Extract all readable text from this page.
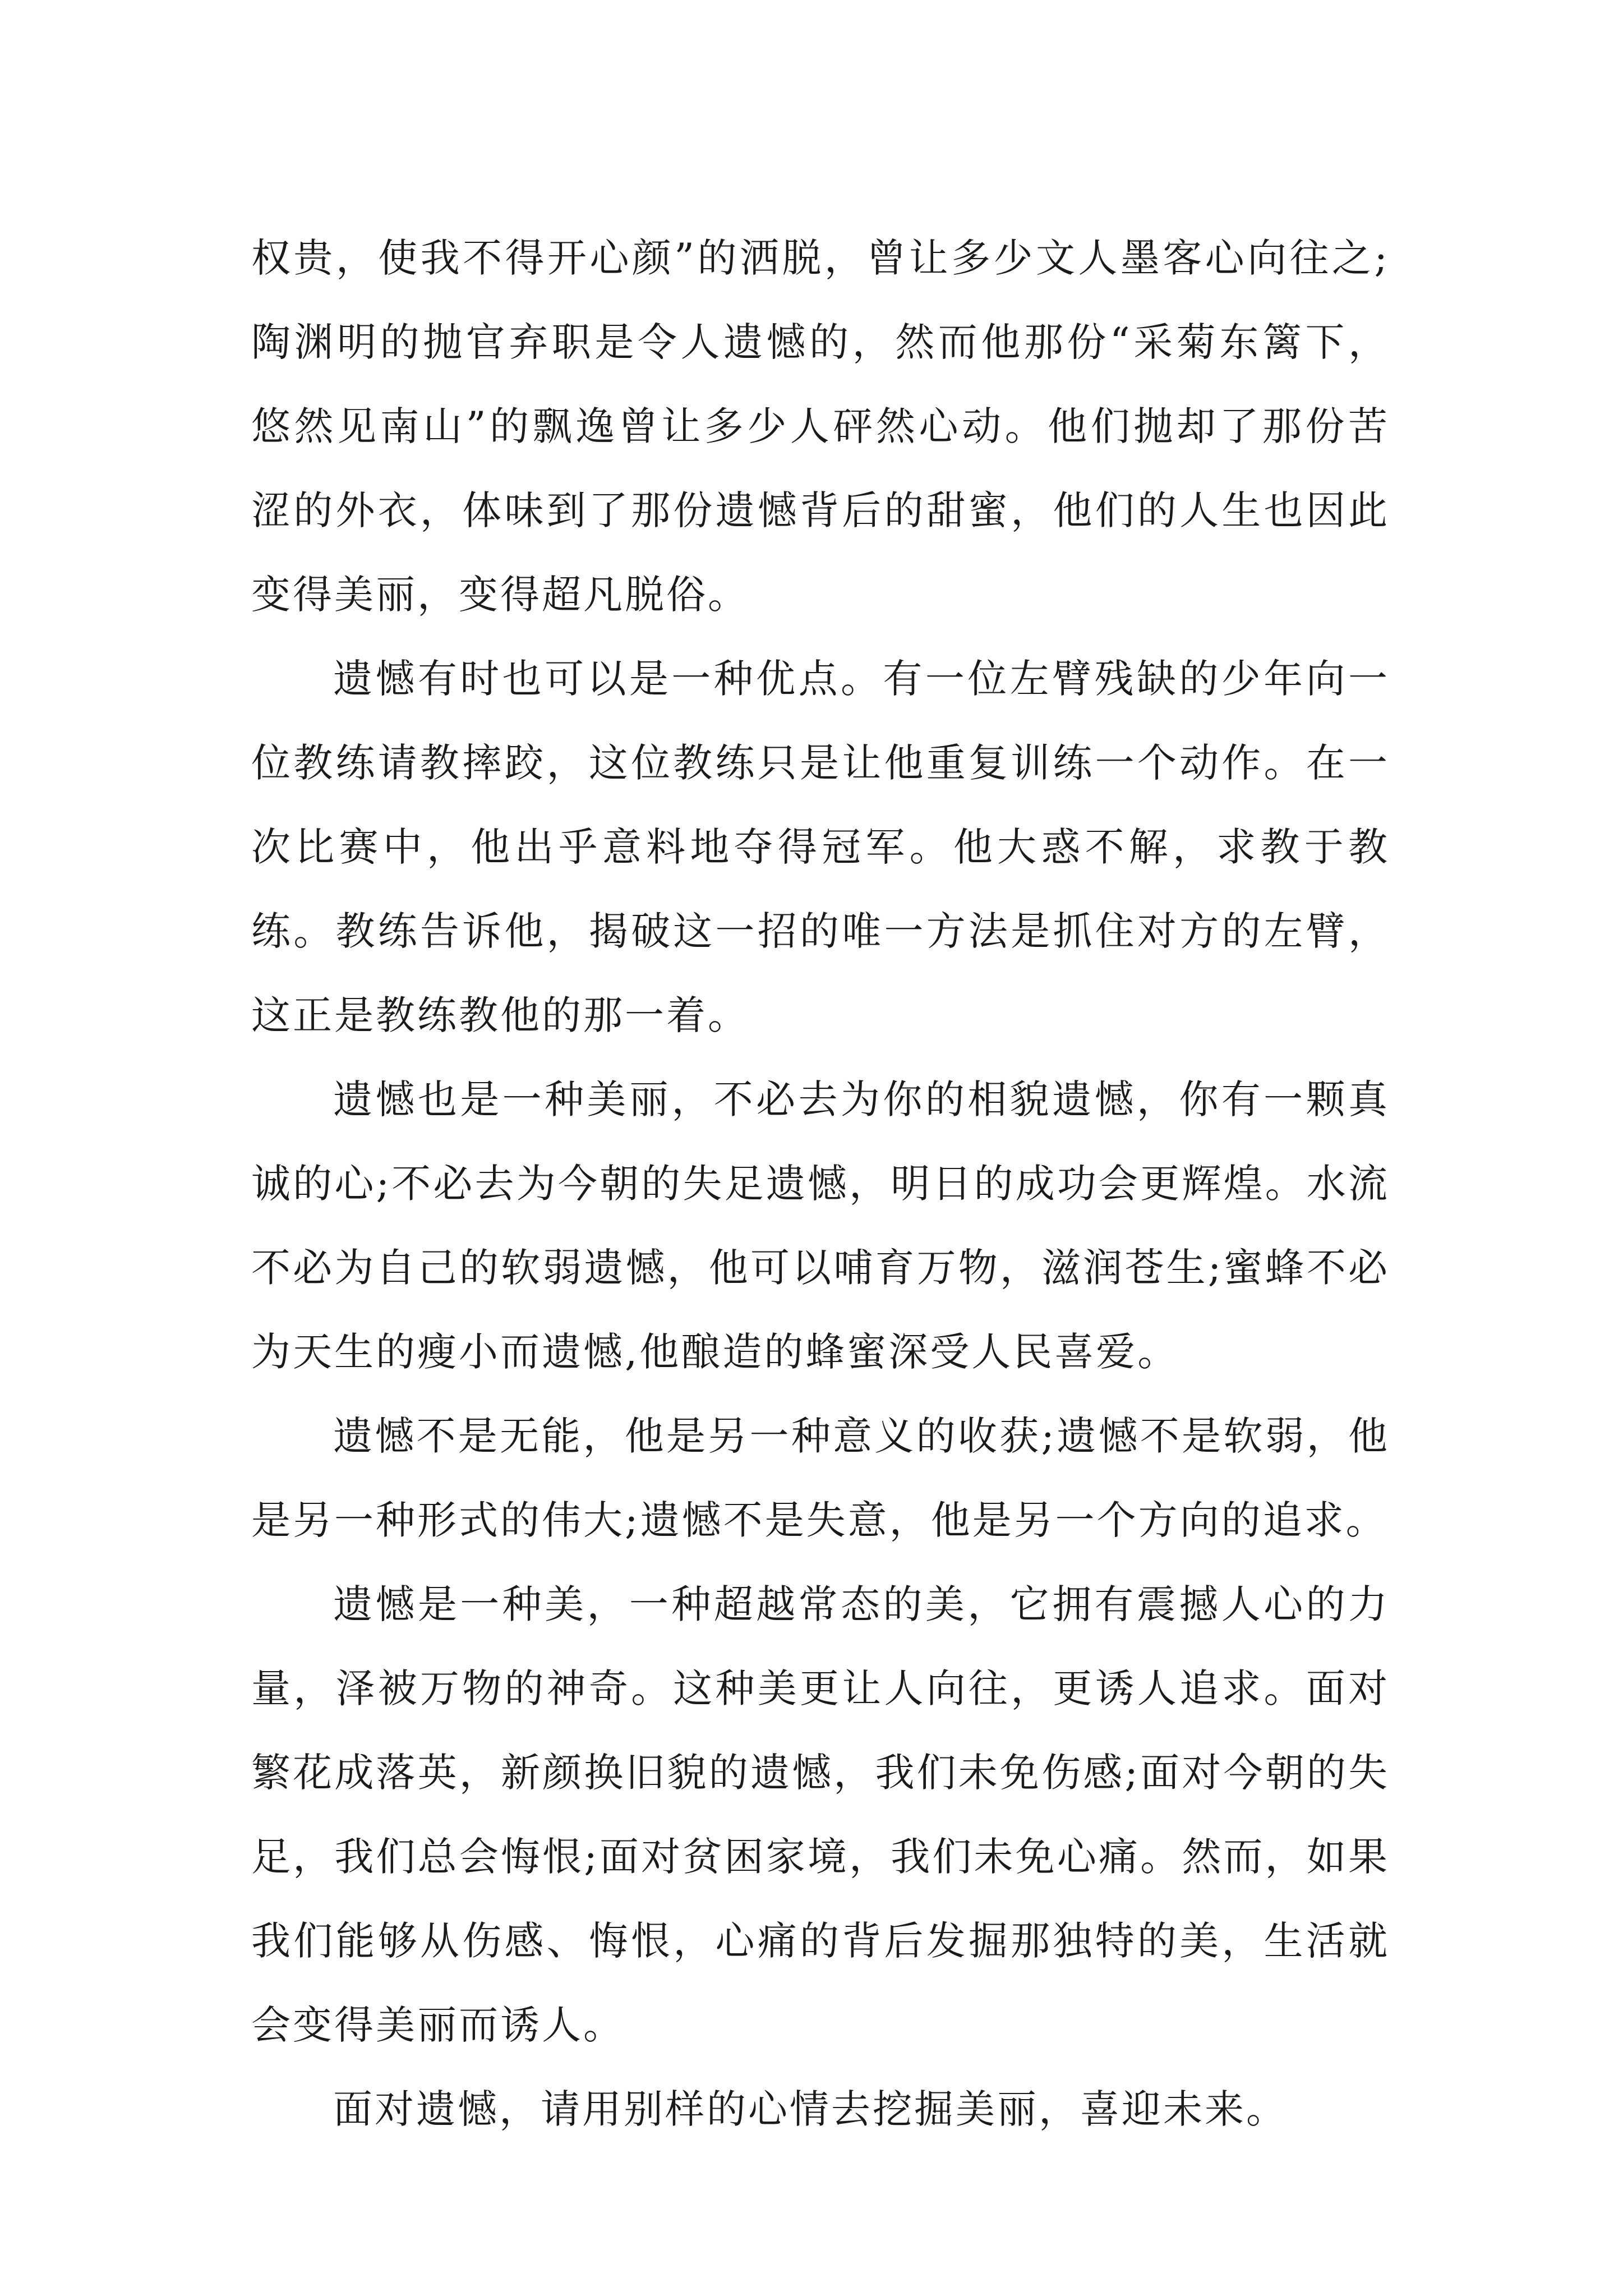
权贵，使我不得开心颜”的洒脱，曾让多少文人墨客心向往之;陶渊明的抛官弃职是令人遗憾的，然而他那份“采菊东篱下，悠然见南山”的飘逸曾让多少人砰然心动。他们抛却了那份苦涩的外衣，体味到了那份遗憾背后的甜蜜，他们的人生也因此变得美丽，变得超凡脱俗。

遗憾有时也可以是一种优点。有一位左臂残缺的少年向一位教练请教摔跤，这位教练只是让他重复训练一个动作。在一次比赛中，他出乎意料地夺得冠军。他大惑不解，求教于教练。教练告诉他，揭破这一招的唯一方法是抓住对方的左臂，这正是教练教他的那一着。

遗憾也是一种美丽，不必去为你的相貌遗憾，你有一颗真诚的心;不必去为今朝的失足遗憾，明日的成功会更辉煌。水流不必为自己的软弱遗憾，他可以哺育万物，滋润苍生;蜜蜂不必为天生的瘦小而遗憾,他酿造的蜂蜜深受人民喜爱。

遗憾不是无能，他是另一种意义的收获;遗憾不是软弱，他是另一种形式的伟大;遗憾不是失意，他是另一个方向的追求。

遗憾是一种美，一种超越常态的美，它拥有震撼人心的力量，泽被万物的神奇。这种美更让人向往，更诱人追求。面对繁花成落英，新颜换旧貌的遗憾，我们未免伤感;面对今朝的失足，我们总会悔恨;面对贫困家境，我们未免心痛。然而，如果我们能够从伤感、悔恨，心痛的背后发掘那独特的美，生活就会变得美丽而诱人。

面对遗憾，请用别样的心情去挖掘美丽，喜迎未来。
